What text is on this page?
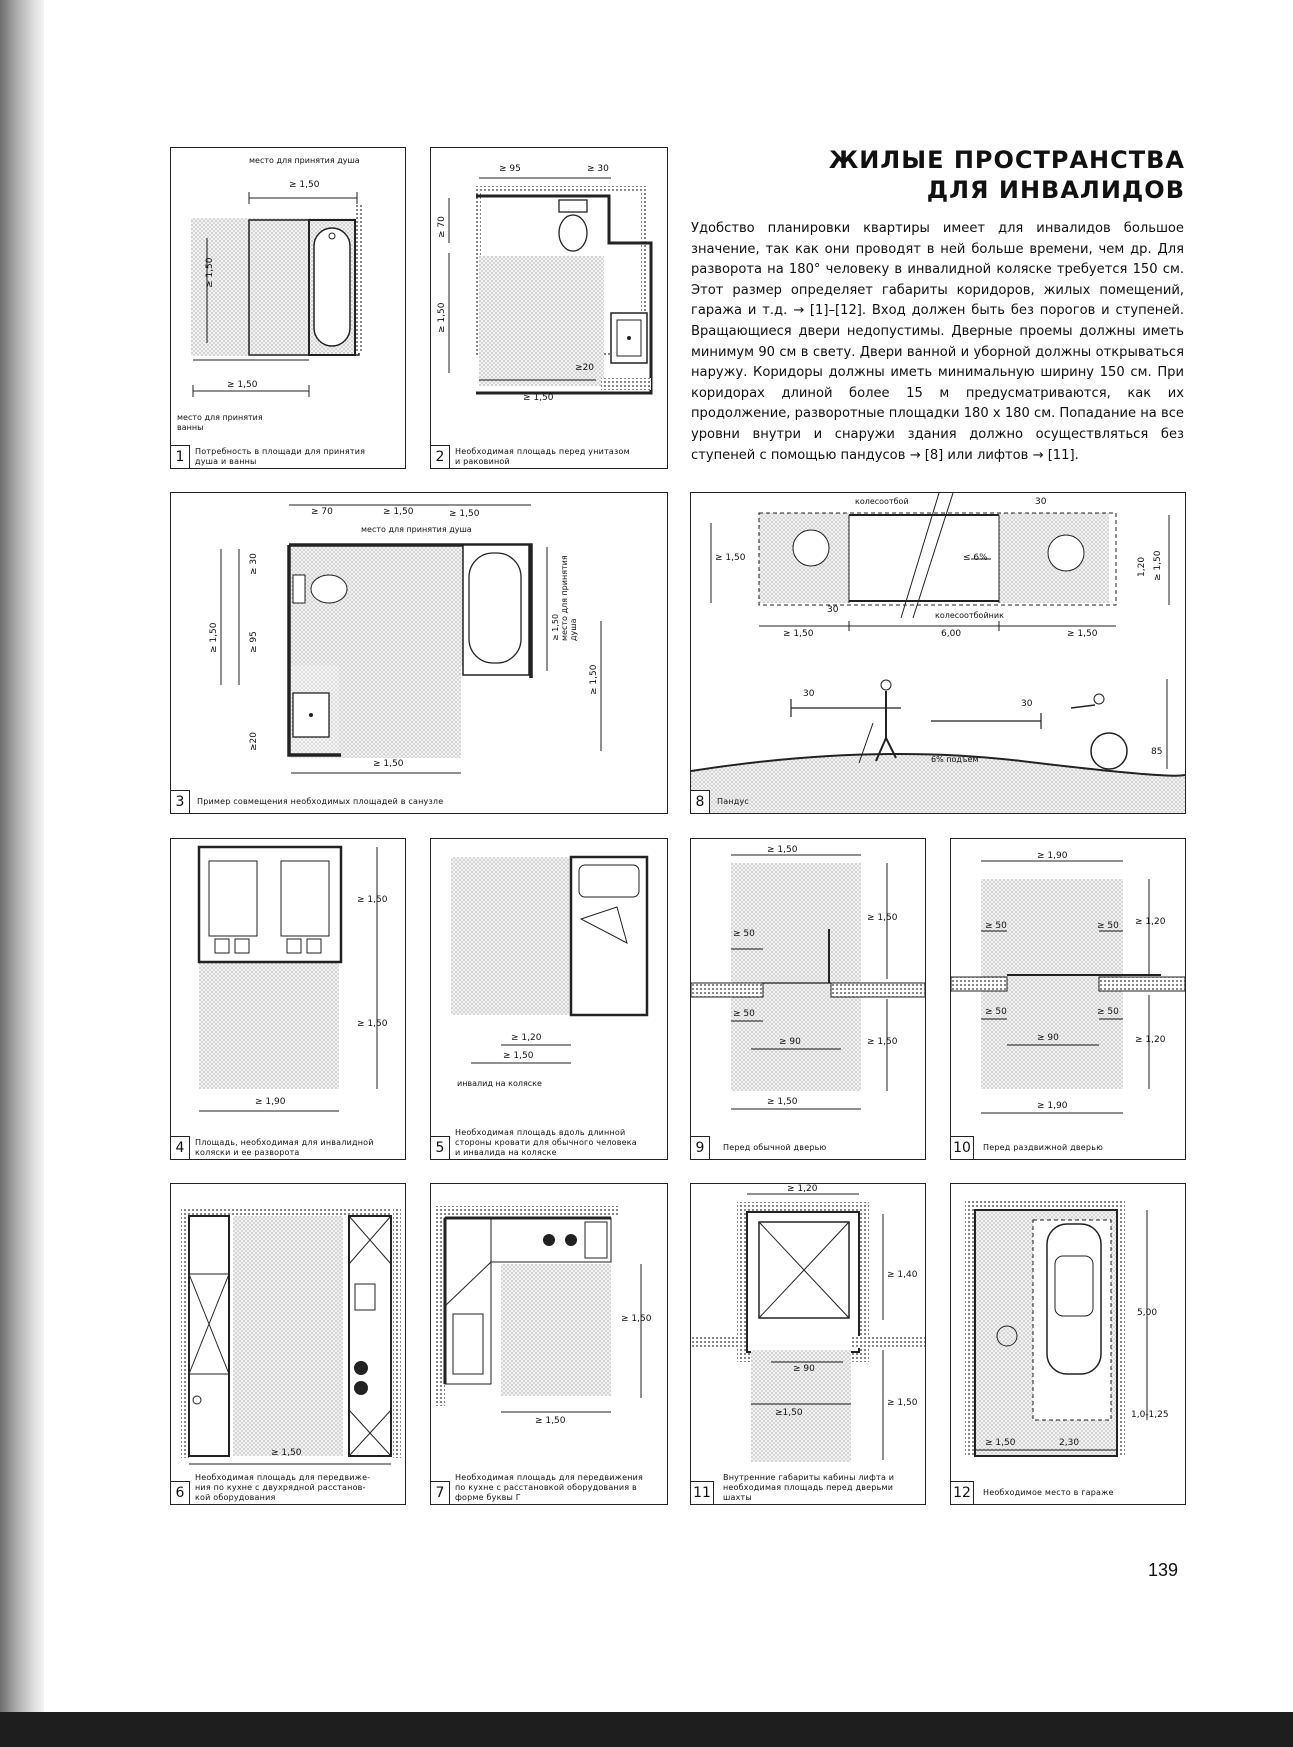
ЖИЛЫЕ ПРОСТРАНСТВА
ДЛЯ ИНВАЛИДОВ
Удобство планировки квартиры имеет для инвалидов большое значение, так как они проводят в ней больше времени, чем др. Для разворота на 180° человеку в инвалидной коляске требуется 150 см. Этот размер определяет габариты коридоров, жилых помещений, гаража и т.д. → [1]–[12]. Вход должен быть без порогов и ступеней. Вращающиеся двери недопустимы. Дверные проемы должны иметь минимум 90 см в свету. Двери ванной и уборной должны открываться наружу. Коридоры должны иметь минимальную ширину 150 см. При коридорах длиной более 15 м предусматриваются, как их продолжение, разворотные площадки 180 x 180 см. Попадание на все уровни внутри и снаружи здания должно осуществляться без ступеней с помощью пандусов → [8] или лифтов → [11].
место для принятия душа
≥ 1,50
≥ 1,50
≥ 1,50
место для принятия
ванны
1	Потребность в площади для принятия
душа и ванны
≥ 95	≥ 30
≥ 70
≥ 1,50
≥20
≥ 1,50
2	Необходимая площадь перед унитазом
и раковиной
≥ 70	≥ 1,50	≥ 1,50
место для принятия душа
≥ 30
≥ 1,50	≥ 95
≥20
≥ 1,50 место для принятия душа
≥ 1,50
≥ 1,50
3	Пример совмещения необходимых площадей в санузле
колесоотбой	30
≥ 1,50	≤ 6%	1,20 ≥ 1,50
30
колесоотбойник
≥ 1,50	6,00	≥ 1,50
30
30
6% подъем
85
8	Пандус
≥ 1,50
≥ 1,50
≥ 1,90
4	Площадь, необходимая для инвалидной
коляски и ее разворота
≥ 1,20
≥ 1,50
инвалид на коляске
5
Необходимая площадь вдоль длинной
стороны кровати для обычного человека
и инвалида на коляске
≥ 1,50
≥ 1,50
≥ 50
≥ 50
≥ 90	≥ 1,50
≥ 1,50
9	Перед обычной дверью
≥ 1,90
≥ 1,20
≥ 50	≥ 50
≥ 50	≥ 50
≥ 90	≥ 1,20
≥ 1,90
10	Перед раздвижной дверью
≥ 1,50
6
Необходимая площадь для передвиже-
ния по кухне с двухрядной расстанов-
кой оборудования
≥ 1,50
≥ 1,50
7
Необходимая площадь для передвижения
по кухне с расстановкой оборудования в
форме буквы Г
≥ 1,20
≥ 1,40
≥ 90
≥1,50
≥ 1,50
11
Внутренние габариты кабины лифта и
необходимая площадь перед дверьми
шахты
5,00
1,0-1,25
≥ 1,50	2,30
12	Необходимое место в гараже
139
